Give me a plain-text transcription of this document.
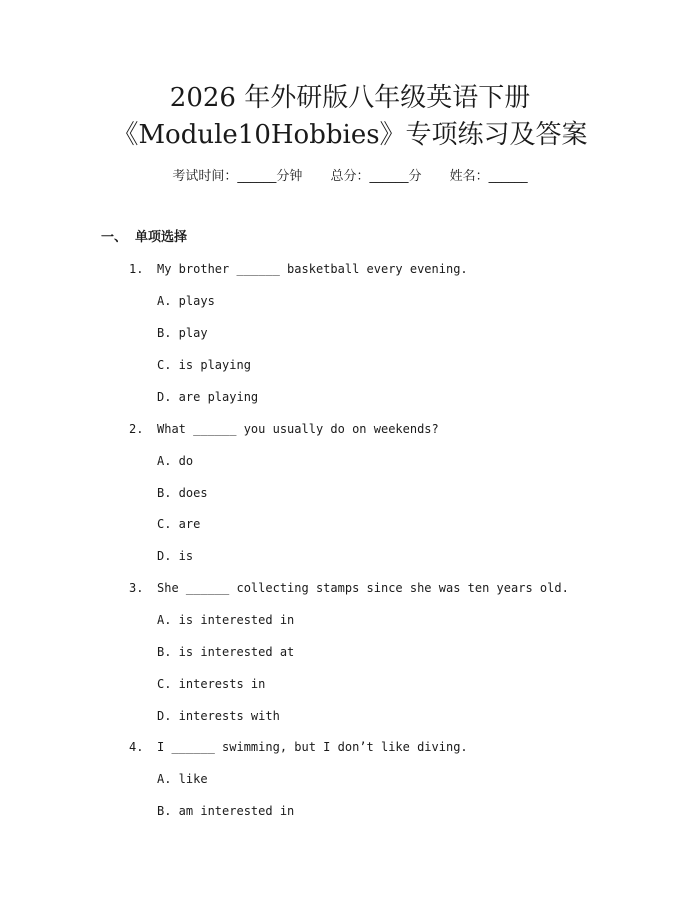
2026 年外研版八年级英语下册
《Module10Hobbies》专项练习及答案
考试时间：______分钟 总分：______分 姓名：______
一、 单项选择
1. My brother ______ basketball every evening.
A. plays
B. play
C. is playing
D. are playing
2. What ______ you usually do on weekends?
A. do
B. does
C. are
D. is
3. She ______ collecting stamps since she was ten years old.
A. is interested in
B. is interested at
C. interests in
D. interests with
4. I ______ swimming, but I don’t like diving.
A. like
B. am interested in
